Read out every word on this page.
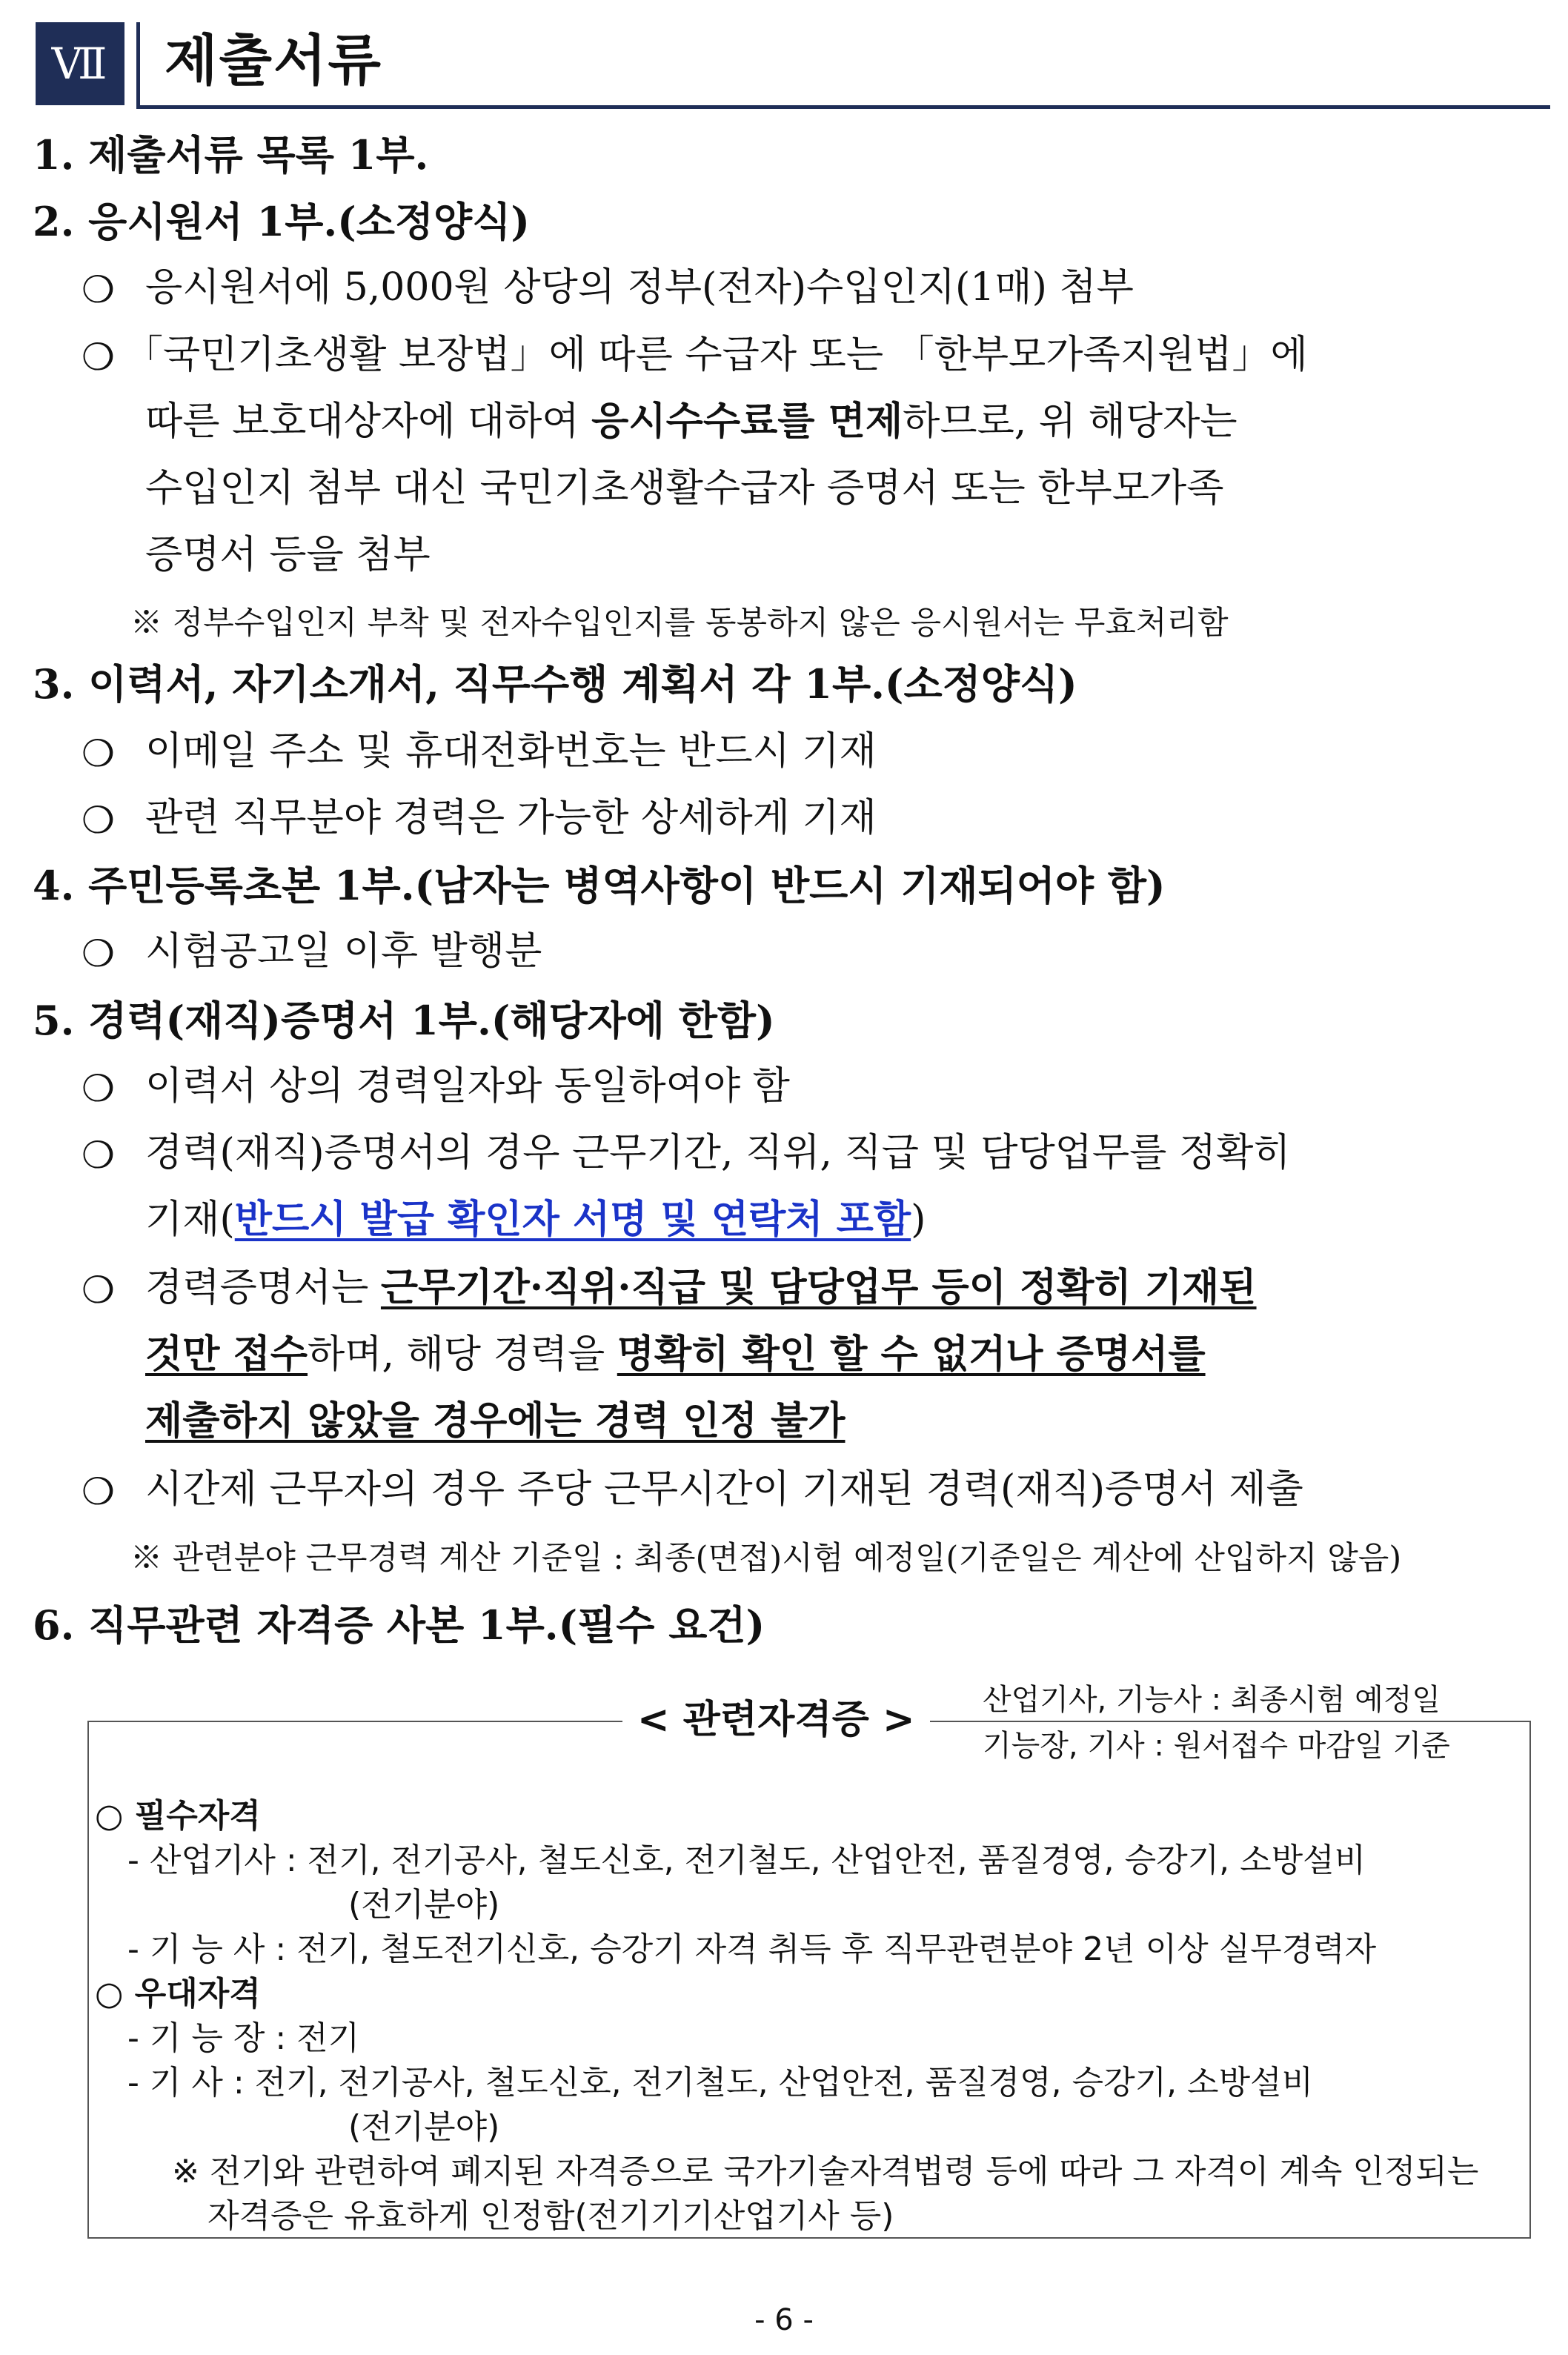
Ⅶ 제출서류
1. 제출서류 목록 1부.
2. 응시원서 1부.(소정양식)
❍ 응시원서에 5,000원 상당의 정부(전자)수입인지(1매) 첨부
❍ 「국민기초생활 보장법」에 따른 수급자 또는 「한부모가족지원법」에
따른 보호대상자에 대하여 응시수수료를 면제하므로, 위 해당자는
수입인지 첨부 대신 국민기초생활수급자 증명서 또는 한부모가족
증명서 등을 첨부
※ 정부수입인지 부착 및 전자수입인지를 동봉하지 않은 응시원서는 무효처리함
3. 이력서, 자기소개서, 직무수행 계획서 각 1부.(소정양식)
❍ 이메일 주소 및 휴대전화번호는 반드시 기재
❍ 관련 직무분야 경력은 가능한 상세하게 기재
4. 주민등록초본 1부.(남자는 병역사항이 반드시 기재되어야 함)
❍ 시험공고일 이후 발행분
5. 경력(재직)증명서 1부.(해당자에 한함)
❍ 이력서 상의 경력일자와 동일하여야 함
❍ 경력(재직)증명서의 경우 근무기간, 직위, 직급 및 담당업무를 정확히
기재(반드시 발급 확인자 서명 및 연락처 포함)
❍ 경력증명서는 근무기간·직위·직급 및 담당업무 등이 정확히 기재된
것만 접수하며, 해당 경력을 명확히 확인 할 수 없거나 증명서를
제출하지 않았을 경우에는 경력 인정 불가
❍ 시간제 근무자의 경우 주당 근무시간이 기재된 경력(재직)증명서 제출
※ 관련분야 근무경력 계산 기준일 : 최종(면접)시험 예정일(기준일은 계산에 산입하지 않음)
6. 직무관련 자격증 사본 1부.(필수 요건)
< 관련자격증 >	산업기사, 기능사 : 최종시험 예정일
기능장, 기사 : 원서접수 마감일 기준
○ 필수자격
- 산업기사 : 전기, 전기공사, 철도신호, 전기철도, 산업안전, 품질경영, 승강기, 소방설비
(전기분야)
- 기 능 사 : 전기, 철도전기신호, 승강기 자격 취득 후 직무관련분야 2년 이상 실무경력자
○ 우대자격
- 기 능 장 : 전기
- 기 사 : 전기, 전기공사, 철도신호, 전기철도, 산업안전, 품질경영, 승강기, 소방설비
(전기분야)
※ 전기와 관련하여 폐지된 자격증으로 국가기술자격법령 등에 따라 그 자격이 계속 인정되는
자격증은 유효하게 인정함(전기기기산업기사 등)
- 6 -
